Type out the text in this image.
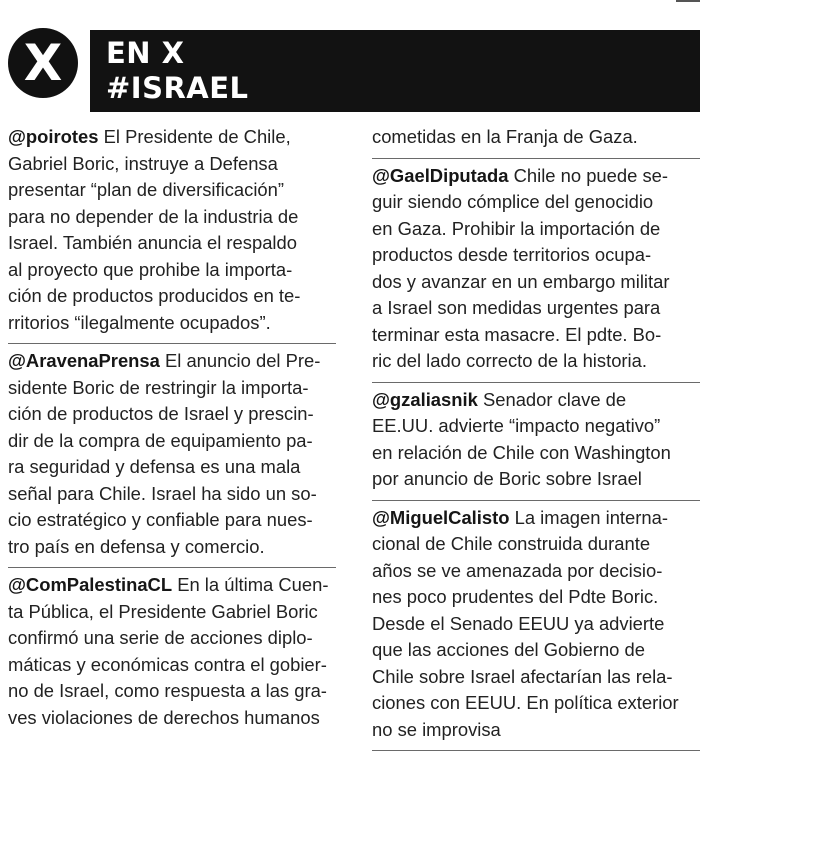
X EN X
#ISRAEL
@poirotes El Presidente de Chile,
Gabriel Boric, instruye a Defensa
presentar “plan de diversificación”
para no depender de la industria de
Israel. También anuncia el respaldo
al proyecto que prohibe la importa-
ción de productos producidos en te-
rritorios “ilegalmente ocupados”.
@AravenaPrensa El anuncio del Pre-
sidente Boric de restringir la importa-
ción de productos de Israel y prescin-
dir de la compra de equipamiento pa-
ra seguridad y defensa es una mala
señal para Chile. Israel ha sido un so-
cio estratégico y confiable para nues-
tro país en defensa y comercio.
@ComPalestinaCL En la última Cuen-
ta Pública, el Presidente Gabriel Boric
confirmó una serie de acciones diplo-
máticas y económicas contra el gobier-
no de Israel, como respuesta a las gra-
ves violaciones de derechos humanos
cometidas en la Franja de Gaza.
@GaelDiputada Chile no puede se-
guir siendo cómplice del genocidio
en Gaza. Prohibir la importación de
productos desde territorios ocupa-
dos y avanzar en un embargo militar
a Israel son medidas urgentes para
terminar esta masacre. El pdte. Bo-
ric del lado correcto de la historia.
@gzaliasnik Senador clave de
EE.UU. advierte “impacto negativo”
en relación de Chile con Washington
por anuncio de Boric sobre Israel
@MiguelCalisto La imagen interna-
cional de Chile construida durante
años se ve amenazada por decisio-
nes poco prudentes del Pdte Boric.
Desde el Senado EEUU ya advierte
que las acciones del Gobierno de
Chile sobre Israel afectarían las rela-
ciones con EEUU. En política exterior
no se improvisa
